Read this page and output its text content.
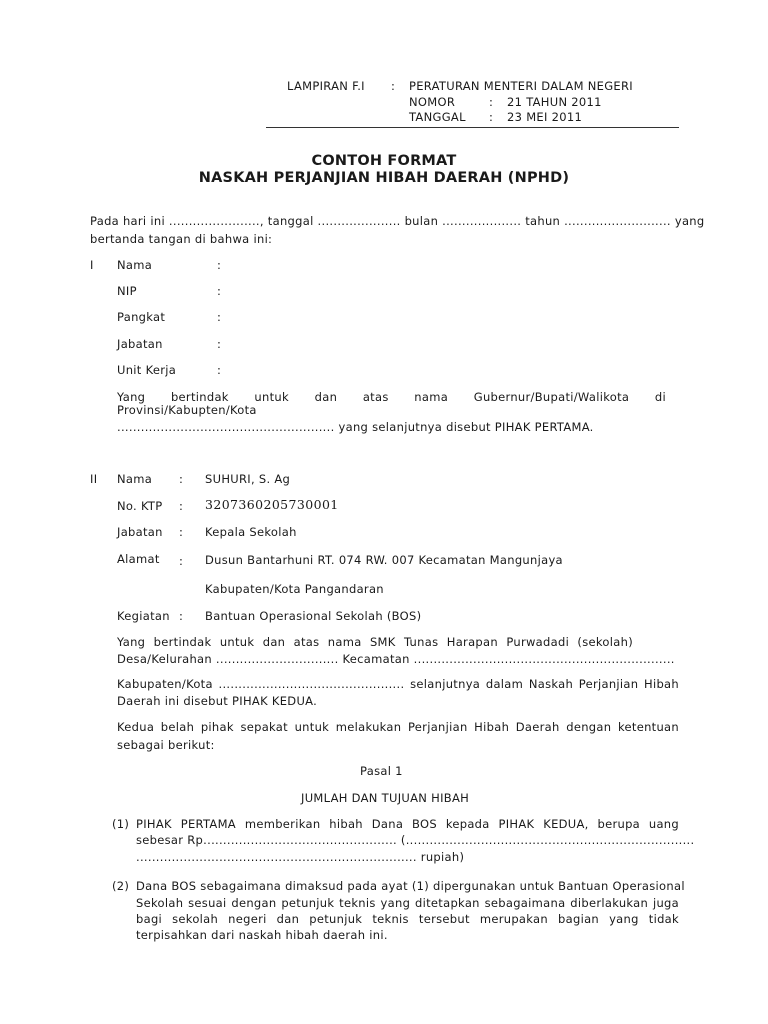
LAMPIRAN F.I : PERATURAN MENTERI DALAM NEGERI
NOMOR	: 21 TAHUN 2011
TANGGAL : 23 MEI 2011
CONTOH FORMAT
NASKAH PERJANJIAN HIBAH DAERAH (NPHD)
Pada hari ini ......................., tanggal ..................... bulan .................... tahun ........................... yang
bertanda tangan di bahwa ini:
I Nama	:
NIP	:
Pangkat	:
Jabatan	:
Unit Kerja	:
Yang bertindak untuk dan atas nama Gubernur/Bupati/Walikota di
Provinsi/Kabupten/Kota
....................................................... yang selanjutnya disebut PIHAK PERTAMA.
II Nama : SUHURI, S. Ag
No. KTP : 3207360205730001
Jabatan : Kepala Sekolah
Alamat : Dusun Bantarhuni RT. 074 RW. 007 Kecamatan Mangunjaya
Kabupaten/Kota Pangandaran
Kegiatan : Bantuan Operasional Sekolah (BOS)
Yang bertindak untuk dan atas nama SMK Tunas Harapan Purwadadi (sekolah)
Desa/Kelurahan ............................... Kecamatan ..................................................................
Kabupaten/Kota ............................................... selanjutnya dalam Naskah Perjanjian Hibah
Daerah ini disebut PIHAK KEDUA.
Kedua belah pihak sepakat untuk melakukan Perjanjian Hibah Daerah dengan ketentuan
sebagai berikut:
Pasal 1
JUMLAH DAN TUJUAN HIBAH
(1) PIHAK PERTAMA memberikan hibah Dana BOS kepada PIHAK KEDUA, berupa uang
sebesar Rp................................................. (.........................................................................
....................................................................... rupiah)
(2) Dana BOS sebagaimana dimaksud pada ayat (1) dipergunakan untuk Bantuan Operasional
Sekolah sesuai dengan petunjuk teknis yang ditetapkan sebagaimana diberlakukan juga
bagi sekolah negeri dan petunjuk teknis tersebut merupakan bagian yang tidak
terpisahkan dari naskah hibah daerah ini.
